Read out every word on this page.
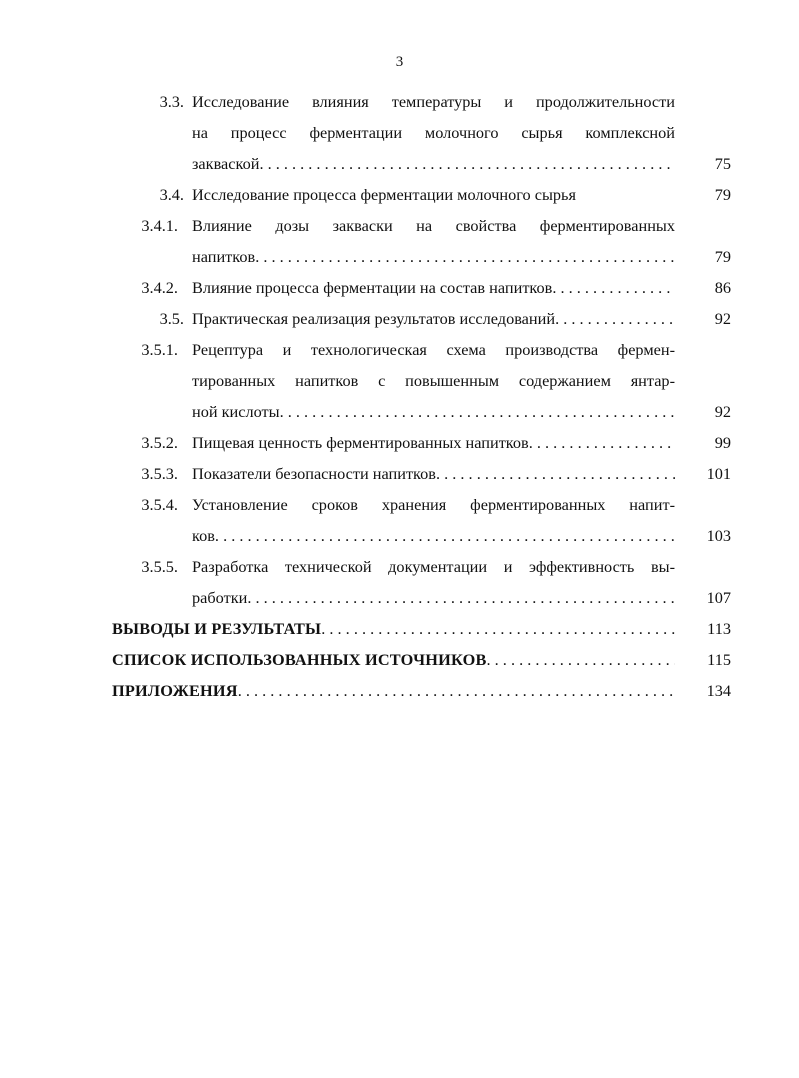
3
3.3. Исследование влияния температуры и продолжительности
на процесс ферментации молочного сырья комплексной
закваской . . .	75
3.4. Исследование процесса ферментации молочного сырья	79
3.4.1. Влияние дозы закваски на свойства ферментированных
напитков . . .	79
3.4.2. Влияние процесса ферментации на состав напитков . . .	86
3.5. Практическая реализация результатов исследований . . .	92
3.5.1. Рецептура и технологическая схема производства фермен-
тированных напитков с повышенным содержанием янтар-
ной кислоты . . .	92
3.5.2. Пищевая ценность ферментированных напитков . . .	99
3.5.3. Показатели безопасности напитков . . .	101
3.5.4. Установление сроков хранения ферментированных напит-
ков . . .	103
3.5.5. Разработка технической документации и эффективность вы-
работки . . .	107
ВЫВОДЫ И РЕЗУЛЬТАТЫ . . .	113
СПИСОК ИСПОЛЬЗОВАННЫХ ИСТОЧНИКОВ . . .	115
ПРИЛОЖЕНИЯ . . .	134
